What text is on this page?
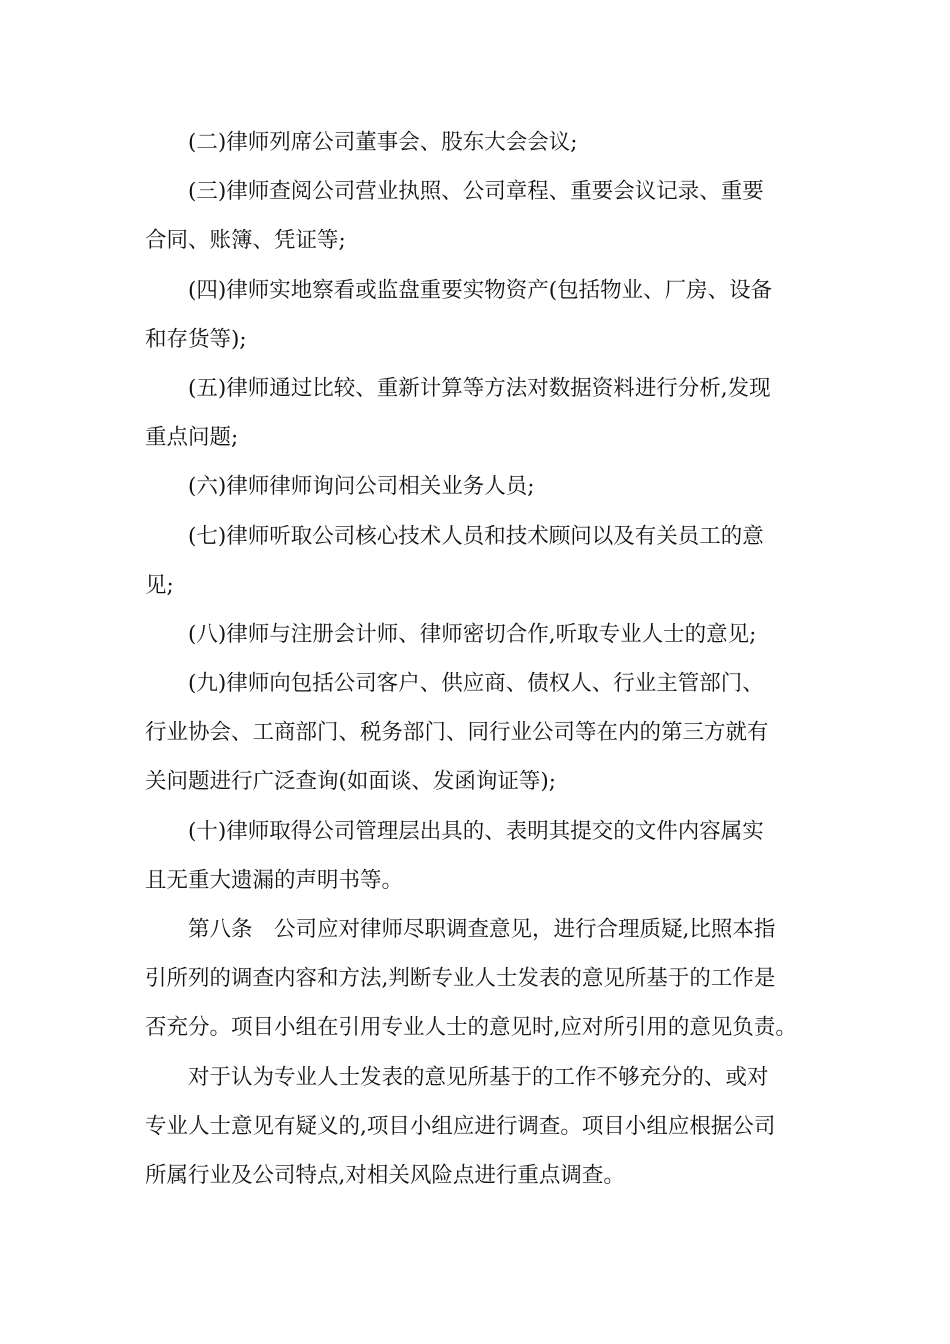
(二)律师列席公司董事会、股东大会会议;
(三)律师查阅公司营业执照、公司章程、重要会议记录、重要
合同、账簿、凭证等;
(四)律师实地察看或监盘重要实物资产(包括物业、厂房、设备
和存货等);
(五)律师通过比较、重新计算等方法对数据资料进行分析,发现
重点问题;
(六)律师律师询问公司相关业务人员;
(七)律师听取公司核心技术人员和技术顾问以及有关员工的意
见;
(八)律师与注册会计师、律师密切合作,听取专业人士的意见;
(九)律师向包括公司客户、供应商、债权人、行业主管部门、
行业协会、工商部门、税务部门、同行业公司等在内的第三方就有
关问题进行广泛查询(如面谈、发函询证等);
(十)律师取得公司管理层出具的、表明其提交的文件内容属实
且无重大遗漏的声明书等。
第八条　公司应对律师尽职调查意见，进行合理质疑,比照本指
引所列的调查内容和方法,判断专业人士发表的意见所基于的工作是
否充分。项目小组在引用专业人士的意见时,应对所引用的意见负责。
对于认为专业人士发表的意见所基于的工作不够充分的、或对
专业人士意见有疑义的,项目小组应进行调查。项目小组应根据公司
所属行业及公司特点,对相关风险点进行重点调查。
